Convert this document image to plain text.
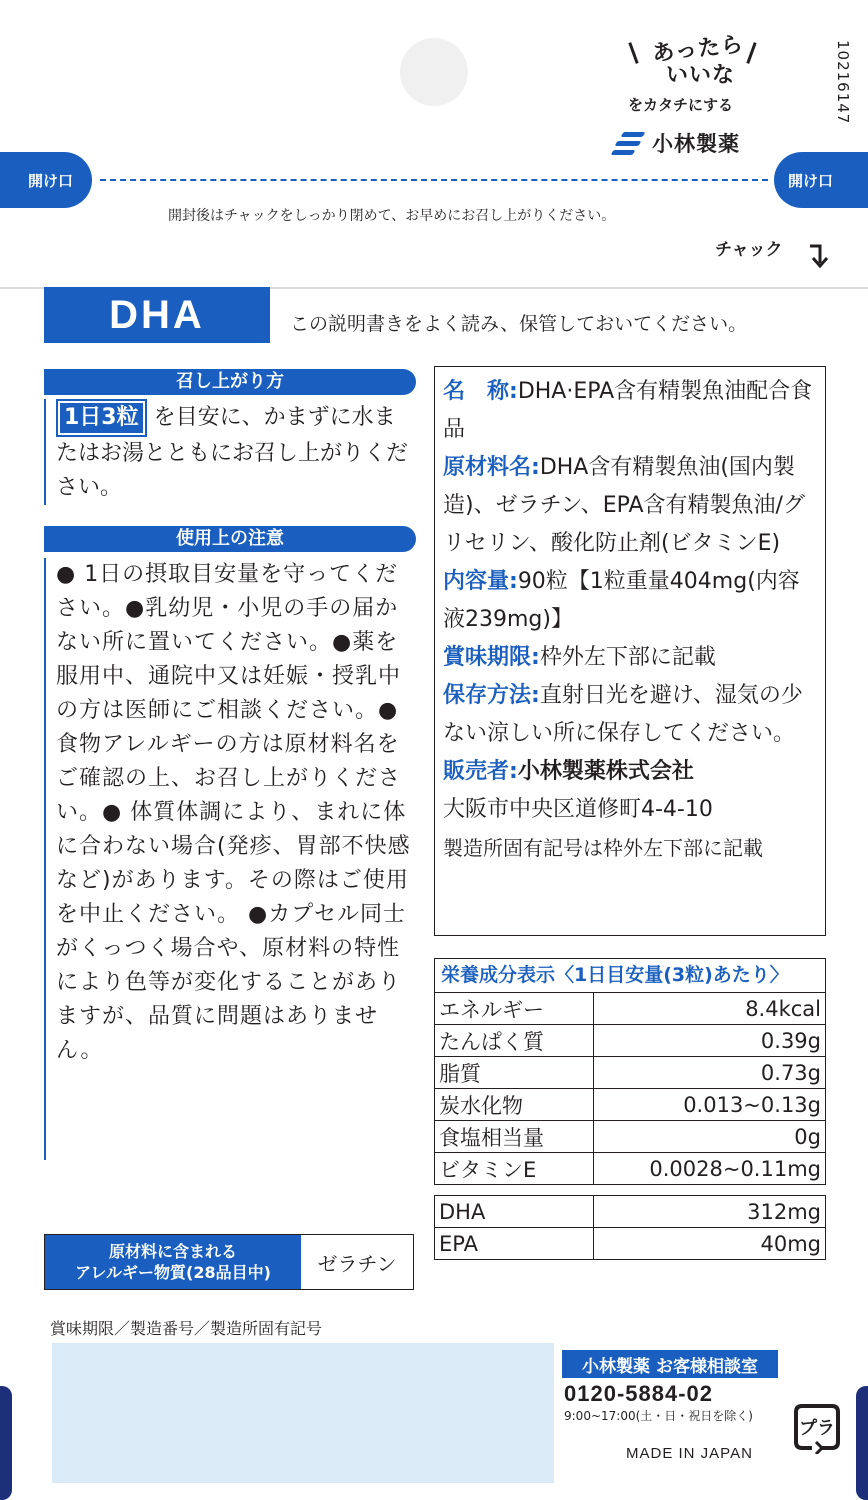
あったら
いいな
をカタチにする
小林製薬
10216147
開け口	開け口
開封後はチャックをしっかり閉めて、お早めにお召し上がりください。
チャック
DHA	この説明書きをよく読み、保管しておいてください。
召し上がり方
1日3粒 を目安に、かまずに水またはお湯とともにお召し上がりください。
使用上の注意
● 1日の摂取目安量を守ってください。●乳幼児・小児の手の届かない所に置いてください。●薬を服用中、通院中又は妊娠・授乳中の方は医師にご相談ください。●食物アレルギーの方は原材料名をご確認の上、お召し上がりください。● 体質体調により、まれに体に合わない場合(発疹、胃部不快感など)があります。その際はご使用を中止ください。 ●カプセル同士がくっつく場合や、原材料の特性により色等が変化することがありますが、品質に問題はありません。
名　称:DHA·EPA含有精製魚油配合食品
原材料名:DHA含有精製魚油(国内製造)、ゼラチン、EPA含有精製魚油/グリセリン、酸化防止剤(ビタミンE)
内容量:90粒【1粒重量404mg(内容液239mg)】
賞味期限:枠外左下部に記載
保存方法:直射日光を避け、湿気の少ない涼しい所に保存してください。
販売者:小林製薬株式会社
大阪市中央区道修町4-4-10
製造所固有記号は枠外左下部に記載
栄養成分表示〈1日目安量(3粒)あたり〉
エネルギー	8.4kcal
たんぱく質	0.39g
脂質	0.73g
炭水化物	0.013~0.13g
食塩相当量	0g
ビタミンE	0.0028~0.11mg
DHA	312mg
EPA	40mg
原材料に含まれる
アレルギー物質(28品目中)	ゼラチン
賞味期限／製造番号／製造所固有記号
小林製薬 お客様相談室
0120-5884-02
9:00~17:00(土・日・祝日を除く)
MADE IN JAPAN
プラ
